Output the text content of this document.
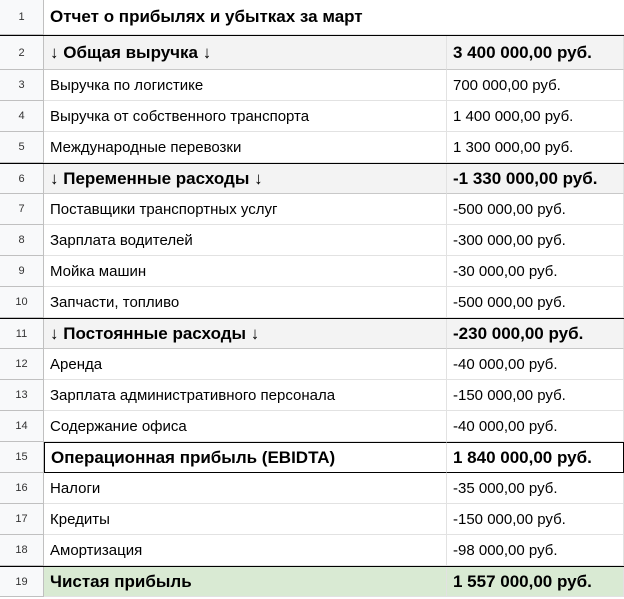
1	Отчет о прибылях и убытках за март
2	↓ Общая выручка ↓	3 400 000,00 руб.
3	Выручка по логистике	700 000,00 руб.
4	Выручка от собственного транспорта	1 400 000,00 руб.
5	Международные перевозки	1 300 000,00 руб.
6	↓ Переменные расходы ↓	-1 330 000,00 руб.
7	Поставщики транспортных услуг	-500 000,00 руб.
8	Зарплата водителей	-300 000,00 руб.
9	Мойка машин	-30 000,00 руб.
10	Запчасти, топливо	-500 000,00 руб.
11	↓ Постоянные расходы ↓	-230 000,00 руб.
12	Аренда	-40 000,00 руб.
13	Зарплата административного персонала	-150 000,00 руб.
14	Содержание офиса	-40 000,00 руб.
15	Операционная прибыль (EBIDTA)	1 840 000,00 руб.
16	Налоги	-35 000,00 руб.
17	Кредиты	-150 000,00 руб.
18	Амортизация	-98 000,00 руб.
19	Чистая прибыль	1 557 000,00 руб.
